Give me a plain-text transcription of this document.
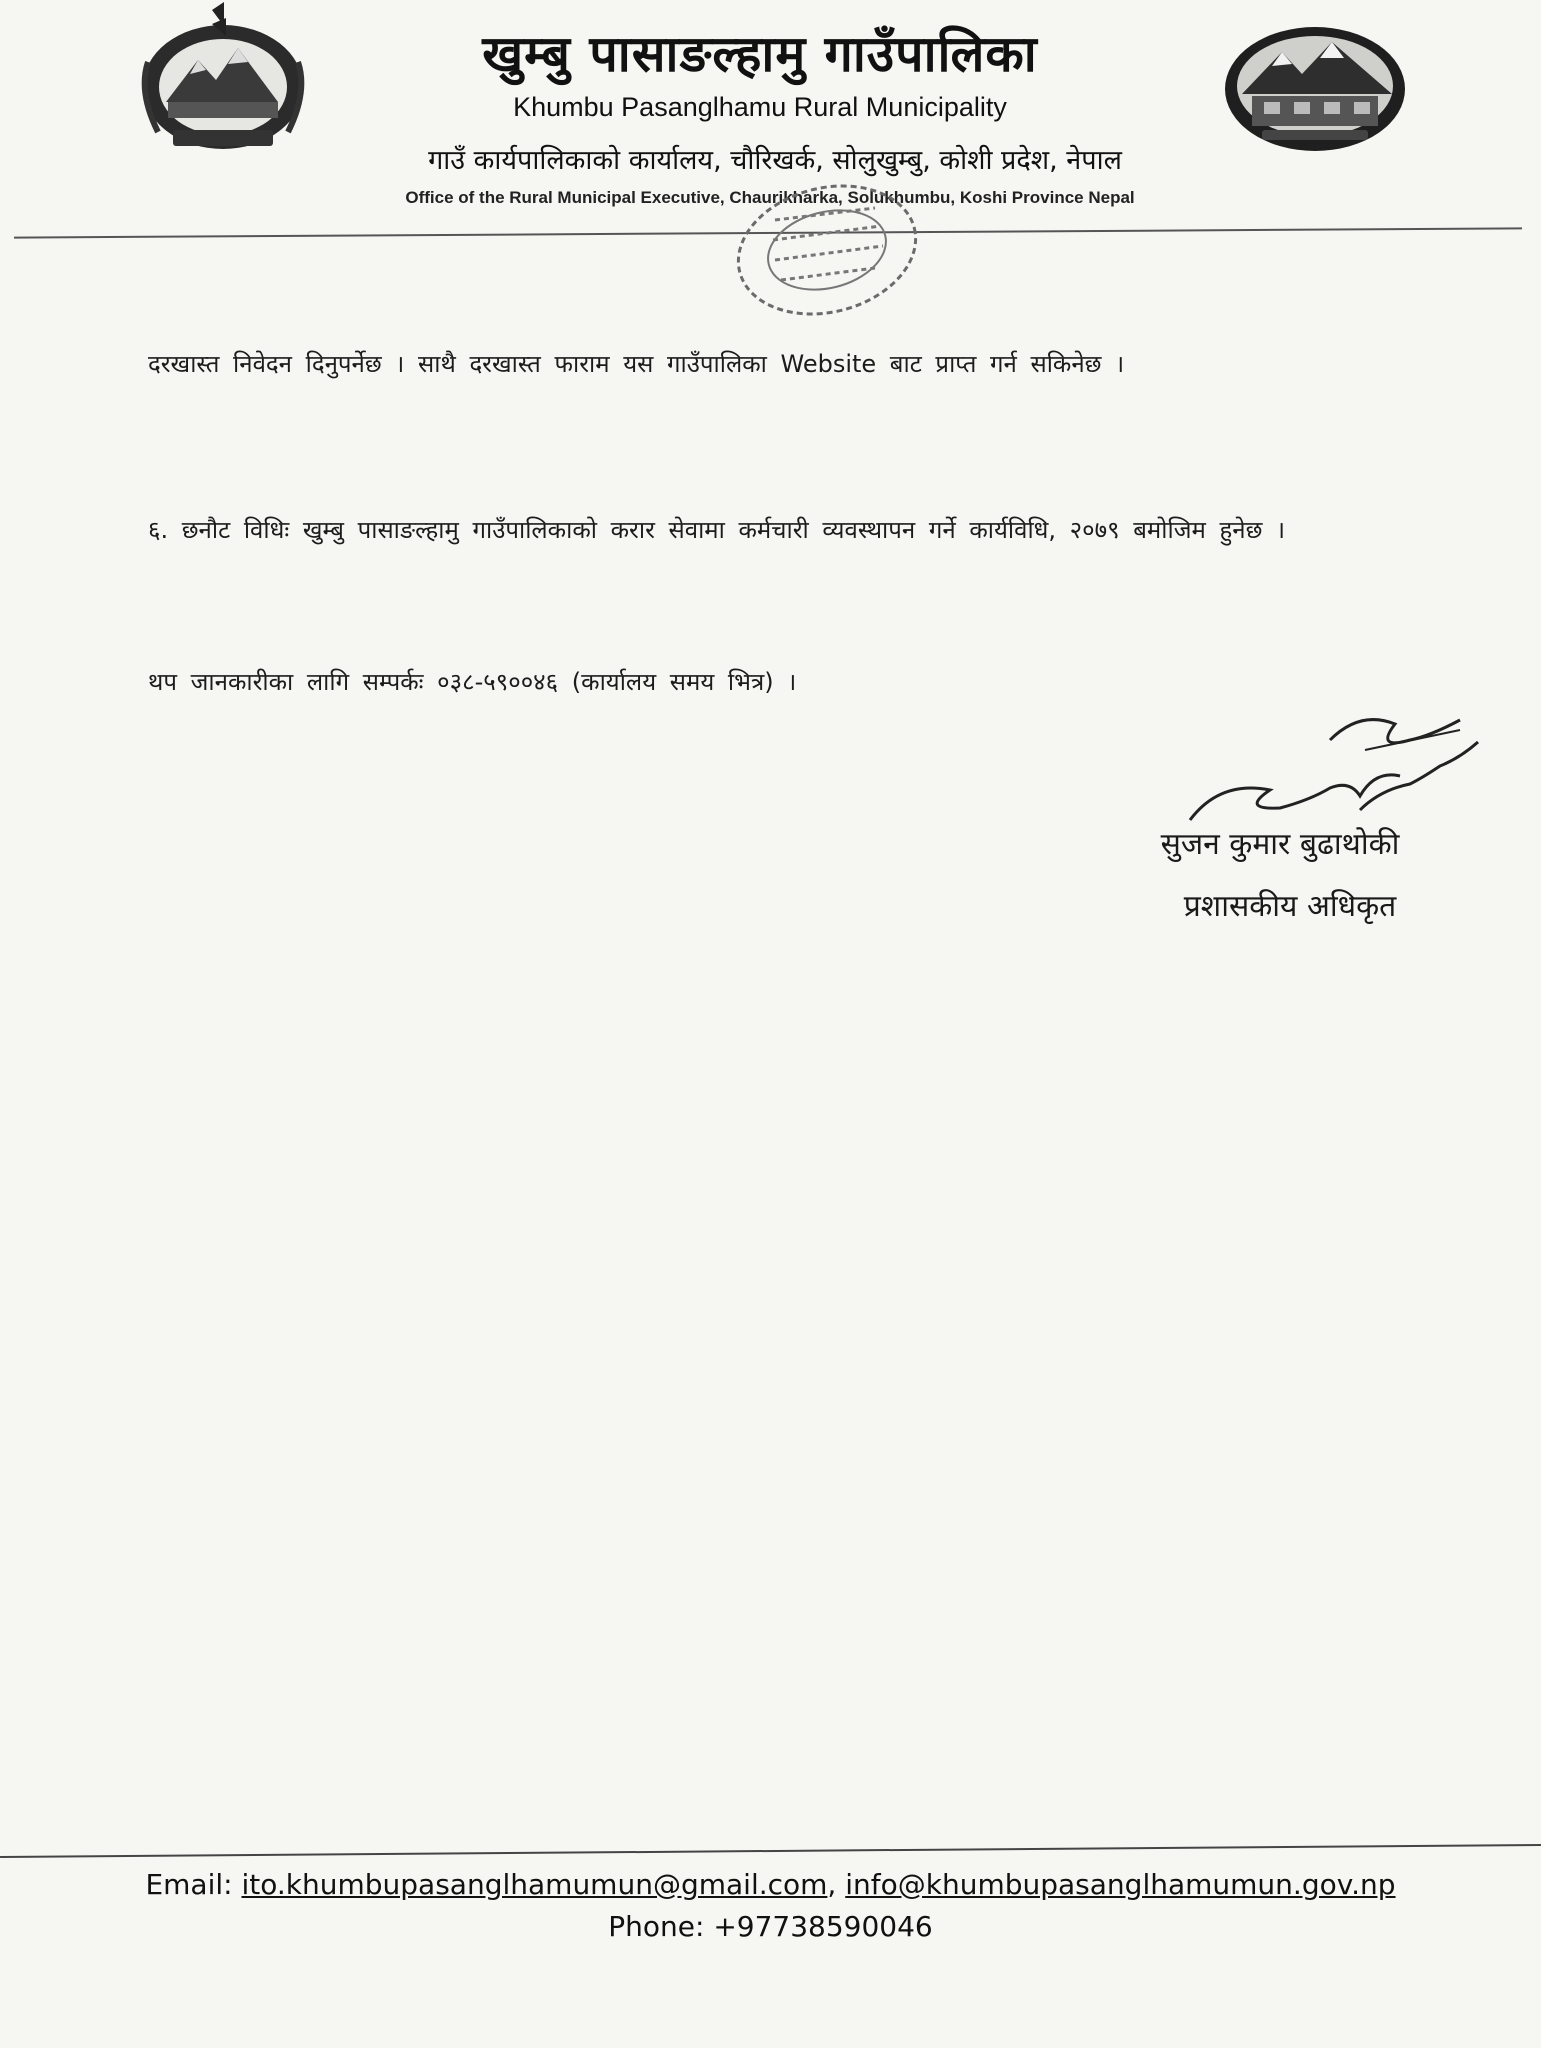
खुम्बु पासाङल्हामु गाउँपालिका
Khumbu Pasanglhamu Rural Municipality
गाउँ कार्यपालिकाको कार्यालय, चौरिखर्क, सोलुखुम्बु, कोशी प्रदेश, नेपाल
Office of the Rural Municipal Executive, Chaurikharka, Solukhumbu, Koshi Province Nepal
दरखास्त निवेदन दिनुपर्नेछ । साथै दरखास्त फाराम यस गाउँपालिका Website बाट प्राप्त गर्न सकिनेछ ।
६. छनौट विधिः खुम्बु पासाङल्हामु गाउँपालिकाको करार सेवामा कर्मचारी व्यवस्थापन गर्ने कार्यविधि, २०७९ बमोजिम हुनेछ ।
थप जानकारीका लागि सम्पर्कः ०३८-५९००४६ (कार्यालय समय भित्र) ।
सुजन कुमार बुढाथोकी
प्रशासकीय अधिकृत
Email: ito.khumbupasanglhamumun@gmail.com, info@khumbupasanglhamumun.gov.np
Phone: +97738590046
